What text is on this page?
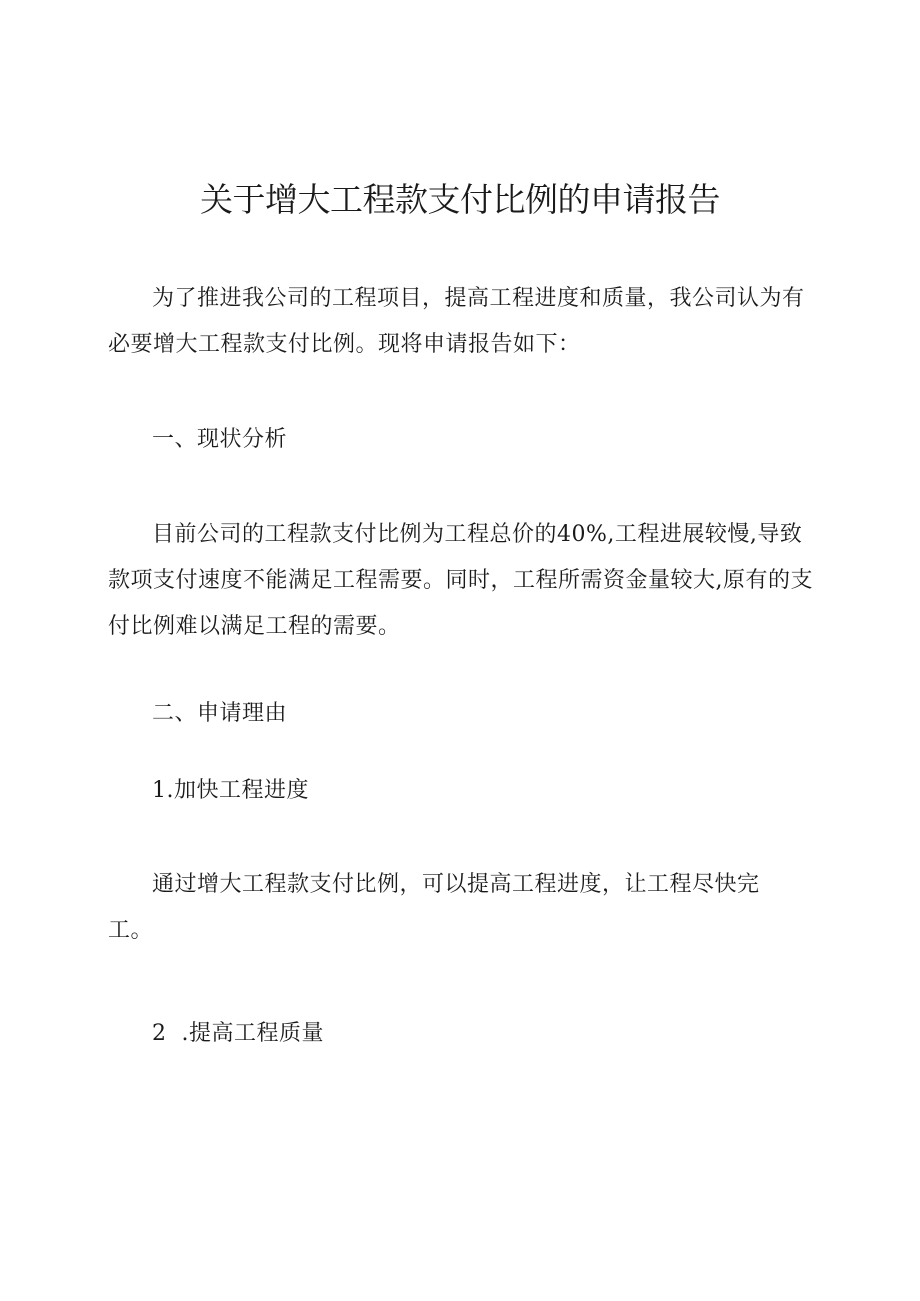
关于增大工程款支付比例的申请报告

为了推进我公司的工程项目，提高工程进度和质量，我公司认为有必要增大工程款支付比例。现将申请报告如下：

一、现状分析

目前公司的工程款支付比例为工程总价的40%,工程进展较慢,导致款项支付速度不能满足工程需要。同时，工程所需资金量较大,原有的支付比例难以满足工程的需要。

二、申请理由

1.加快工程进度

通过增大工程款支付比例，可以提高工程进度，让工程尽快完工。

2  .提高工程质量
